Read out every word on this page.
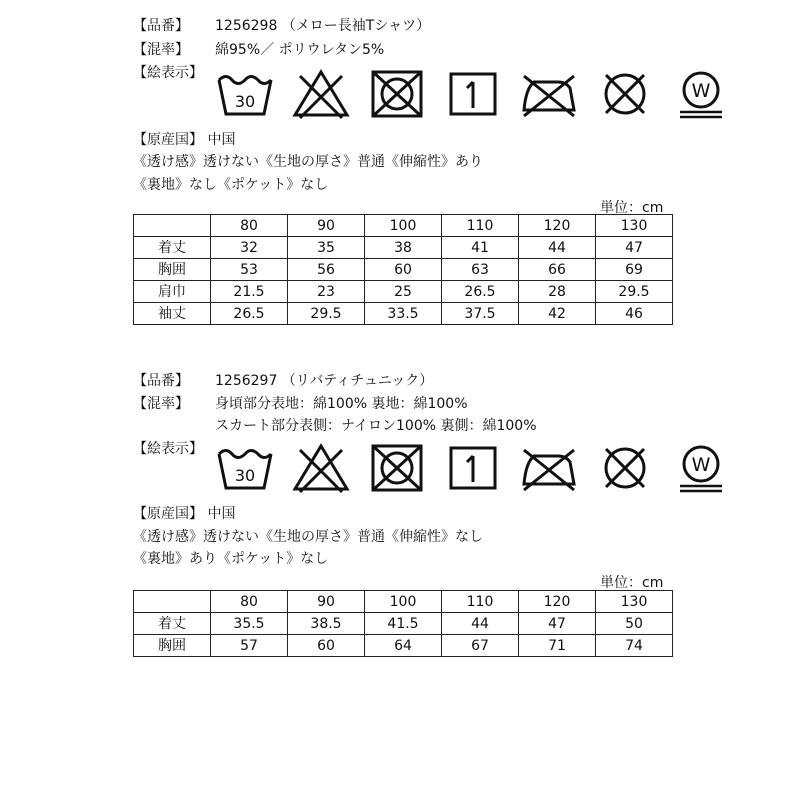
【品番】 1256298 （メロー長袖Tシャツ）
【混率】 綿95%／ ポリウレタン5%
【絵表示】
30	W
【原産国】 中国
《透け感》透けない《生地の厚さ》普通《伸縮性》あり
《裏地》なし《ポケット》なし
単位：cm
	80	90	100	110	120	130
着丈	32	35	38	41	44	47
胸囲	53	56	60	63	66	69
肩巾	21.5	23	25	26.5	28	29.5
袖丈	26.5	29.5	33.5	37.5	42	46
【品番】 1256297 （リバティチュニック）
【混率】 身頃部分表地：綿100% 裏地：綿100%
スカート部分表側：ナイロン100% 裏側：綿100%
【絵表示】
30	W
【原産国】 中国
《透け感》透けない《生地の厚さ》普通《伸縮性》なし
《裏地》あり《ポケット》なし
単位：cm
	80	90	100	110	120	130
着丈	35.5	38.5	41.5	44	47	50
胸囲	57	60	64	67	71	74
